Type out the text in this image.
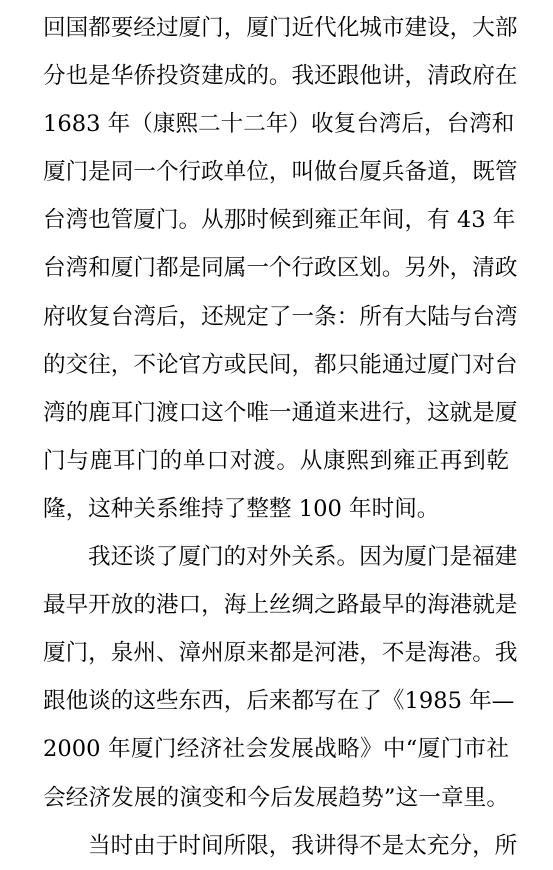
回国都要经过厦门，厦门近代化城市建设，大部
分也是华侨投资建成的。我还跟他讲，清政府在
1683 年（康熙二十二年）收复台湾后，台湾和
厦门是同一个行政单位，叫做台厦兵备道，既管
台湾也管厦门。从那时候到雍正年间，有 43 年
台湾和厦门都是同属一个行政区划。另外，清政
府收复台湾后，还规定了一条：所有大陆与台湾
的交往，不论官方或民间，都只能通过厦门对台
湾的鹿耳门渡口这个唯一通道来进行，这就是厦
门与鹿耳门的单口对渡。从康熙到雍正再到乾
隆，这种关系维持了整整 100 年时间。
我还谈了厦门的对外关系。因为厦门是福建
最早开放的港口，海上丝绸之路最早的海港就是
厦门，泉州、漳州原来都是河港，不是海港。我
跟他谈的这些东西，后来都写在了《1985 年—
2000 年厦门经济社会发展战略》中“厦门市社
会经济发展的演变和今后发展趋势”这一章里。
当时由于时间所限，我讲得不是太充分，所
